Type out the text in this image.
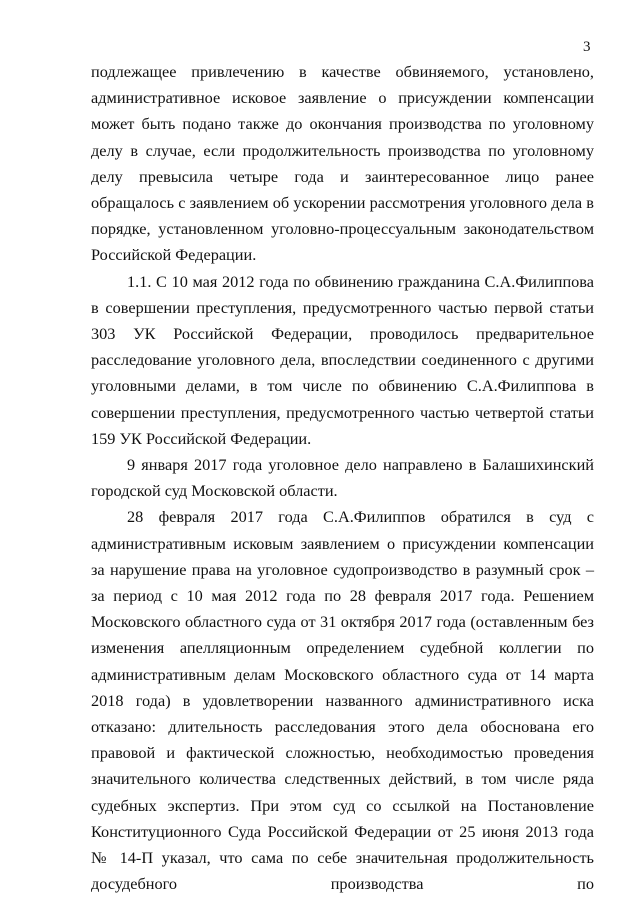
3

подлежащее привлечению в качестве обвиняемого, установлено, административное исковое заявление о присуждении компенсации может быть подано также до окончания производства по уголовному делу в случае, если продолжительность производства по уголовному делу превысила четыре года и заинтересованное лицо ранее обращалось с заявлением об ускорении рассмотрения уголовного дела в порядке, установленном уголовно-процессуальным законодательством Российской Федерации.

1.1. С 10 мая 2012 года по обвинению гражданина С.А.Филиппова в совершении преступления, предусмотренного частью первой статьи 303 УК Российской Федерации, проводилось предварительное расследование уголовного дела, впоследствии соединенного с другими уголовными делами, в том числе по обвинению С.А.Филиппова в совершении преступления, предусмотренного частью четвертой статьи 159 УК Российской Федерации.

9 января 2017 года уголовное дело направлено в Балашихинский городской суд Московской области.

28 февраля 2017 года С.А.Филиппов обратился в суд с административным исковым заявлением о присуждении компенсации за нарушение права на уголовное судопроизводство в разумный срок – за период с 10 мая 2012 года по 28 февраля 2017 года. Решением Московского областного суда от 31 октября 2017 года (оставленным без изменения апелляционным определением судебной коллегии по административным делам Московского областного суда от 14 марта 2018 года) в удовлетворении названного административного иска отказано: длительность расследования этого дела обоснована его правовой и фактической сложностью, необходимостью проведения значительного количества следственных действий, в том числе ряда судебных экспертиз. При этом суд со ссылкой на Постановление Конституционного Суда Российской Федерации от 25 июня 2013 года № 14-П указал, что сама по себе значительная продолжительность досудебного производства по
